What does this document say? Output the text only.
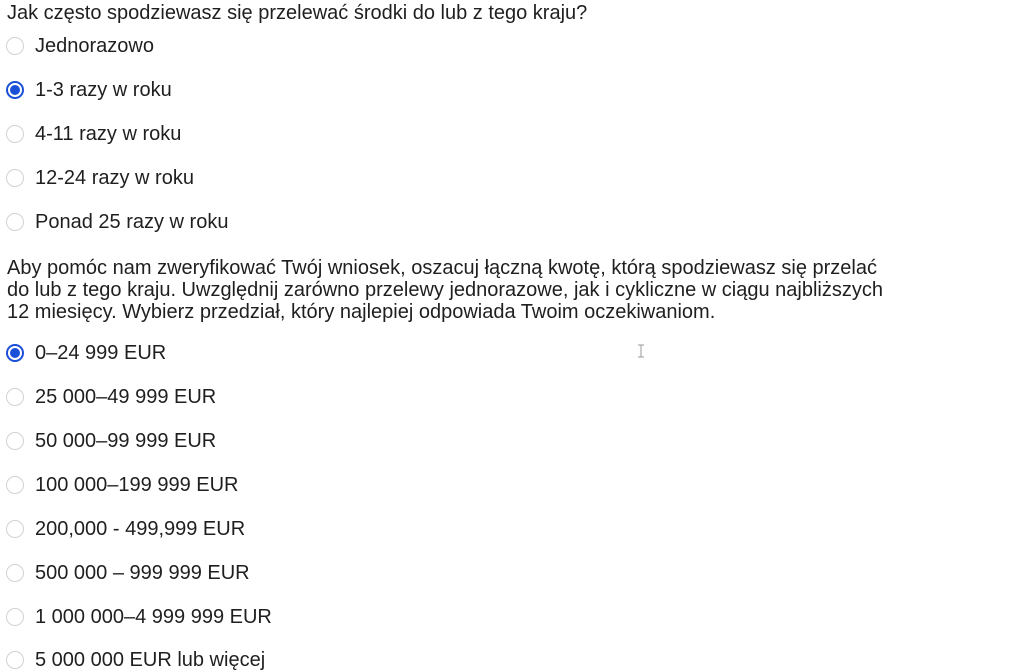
Jak często spodziewasz się przelewać środki do lub z tego kraju?

Jednorazowo
1-3 razy w roku
4-11 razy w roku
12-24 razy w roku
Ponad 25 razy w roku

Aby pomóc nam zweryfikować Twój wniosek, oszacuj łączną kwotę, którą spodziewasz się przelać
do lub z tego kraju. Uwzględnij zarówno przelewy jednorazowe, jak i cykliczne w ciągu najbliższych
12 miesięcy. Wybierz przedział, który najlepiej odpowiada Twoim oczekiwaniom.

0–24 999 EUR
25 000–49 999 EUR
50 000–99 999 EUR
100 000–199 999 EUR
200,000 - 499,999 EUR
500 000 – 999 999 EUR
1 000 000–4 999 999 EUR
5 000 000 EUR lub więcej
